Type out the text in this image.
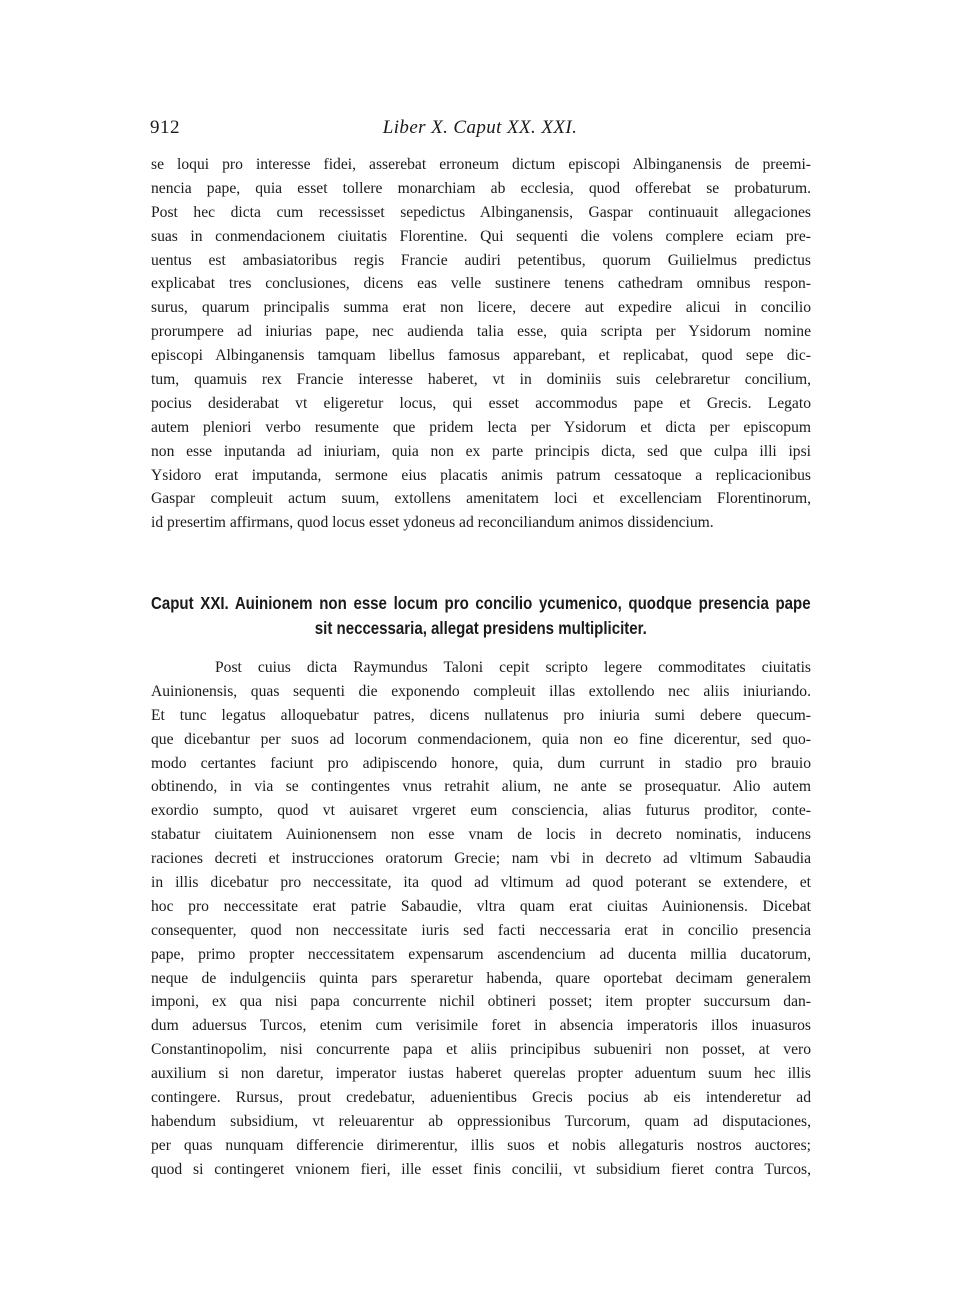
912	Liber X. Caput XX. XXI.
se loqui pro interesse fidei, asserebat erroneum dictum episcopi Albinganensis de preemi-
nencia pape, quia esset tollere monarchiam ab ecclesia, quod offerebat se probaturum.
Post hec dicta cum recessisset sepedictus Albinganensis, Gaspar continuauit allegaciones
suas in conmendacionem ciuitatis Florentine. Qui sequenti die volens complere eciam pre-
uentus est ambasiatoribus regis Francie audiri petentibus, quorum Guilielmus predictus
explicabat tres conclusiones, dicens eas velle sustinere tenens cathedram omnibus respon-
surus, quarum principalis summa erat non licere, decere aut expedire alicui in concilio
prorumpere ad iniurias pape, nec audienda talia esse, quia scripta per Ysidorum nomine
episcopi Albinganensis tamquam libellus famosus apparebant, et replicabat, quod sepe dic-
tum, quamuis rex Francie interesse haberet, vt in dominiis suis celebraretur concilium,
pocius desiderabat vt eligeretur locus, qui esset accommodus pape et Grecis. Legato
autem pleniori verbo resumente que pridem lecta per Ysidorum et dicta per episcopum
non esse inputanda ad iniuriam, quia non ex parte principis dicta, sed que culpa illi ipsi
Ysidoro erat imputanda, sermone eius placatis animis patrum cessatoque a replicacionibus
Gaspar compleuit actum suum, extollens amenitatem loci et excellenciam Florentinorum,
id presertim affirmans, quod locus esset ydoneus ad reconciliandum animos dissidencium.
Caput XXI. Auinionem non esse locum pro concilio ycumenico, quodque presencia pape
sit neccessaria, allegat presidens multipliciter.
Post cuius dicta Raymundus Taloni cepit scripto legere commoditates ciuitatis
Auinionensis, quas sequenti die exponendo compleuit illas extollendo nec aliis iniuriando.
Et tunc legatus alloquebatur patres, dicens nullatenus pro iniuria sumi debere quecum-
que dicebantur per suos ad locorum conmendacionem, quia non eo fine dicerentur, sed quo-
modo certantes faciunt pro adipiscendo honore, quia, dum currunt in stadio pro brauio
obtinendo, in via se contingentes vnus retrahit alium, ne ante se prosequatur. Alio autem
exordio sumpto, quod vt auisaret vrgeret eum consciencia, alias futurus proditor, conte-
stabatur ciuitatem Auinionensem non esse vnam de locis in decreto nominatis, inducens
raciones decreti et instrucciones oratorum Grecie; nam vbi in decreto ad vltimum Sabaudia
in illis dicebatur pro neccessitate, ita quod ad vltimum ad quod poterant se extendere, et
hoc pro neccessitate erat patrie Sabaudie, vltra quam erat ciuitas Auinionensis. Dicebat
consequenter, quod non neccessitate iuris sed facti neccessaria erat in concilio presencia
pape, primo propter neccessitatem expensarum ascendencium ad ducenta millia ducatorum,
neque de indulgenciis quinta pars speraretur habenda, quare oportebat decimam generalem
imponi, ex qua nisi papa concurrente nichil obtineri posset; item propter succursum dan-
dum aduersus Turcos, etenim cum verisimile foret in absencia imperatoris illos inuasuros
Constantinopolim, nisi concurrente papa et aliis principibus subueniri non posset, at vero
auxilium si non daretur, imperator iustas haberet querelas propter aduentum suum hec illis
contingere. Rursus, prout credebatur, aduenientibus Grecis pocius ab eis intenderetur ad
habendum subsidium, vt releuarentur ab oppressionibus Turcorum, quam ad disputaciones,
per quas nunquam differencie dirimerentur, illis suos et nobis allegaturis nostros auctores;
quod si contingeret vnionem fieri, ille esset finis concilii, vt subsidium fieret contra Turcos,
